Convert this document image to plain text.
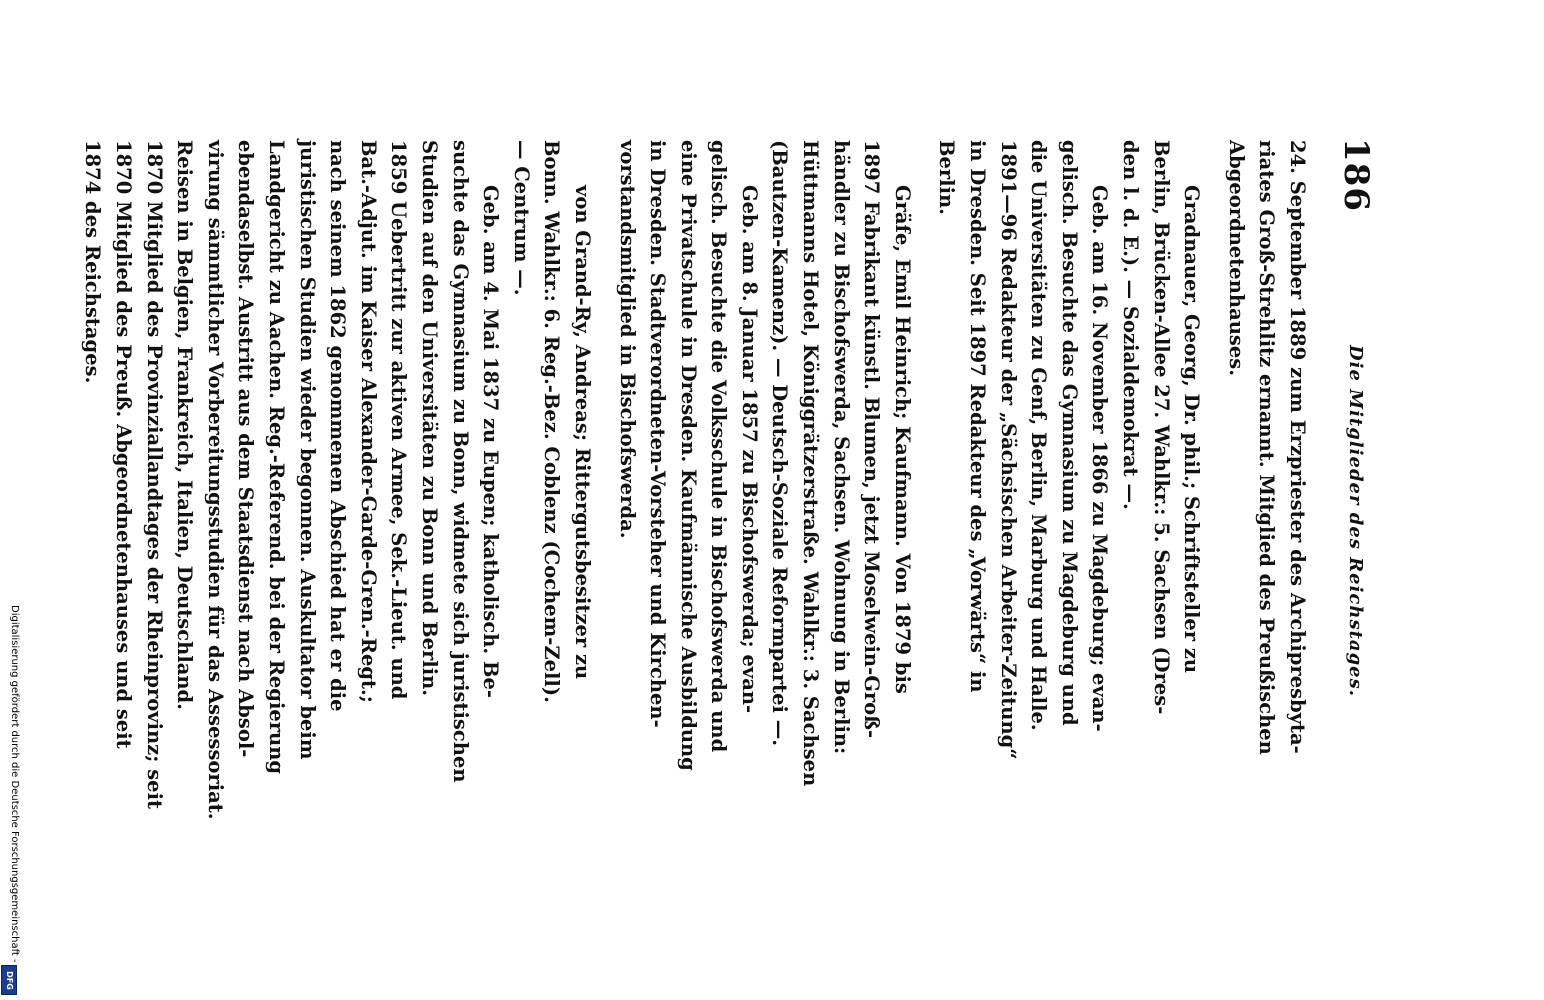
186
Die Mitglieder des Reichstages.
24. September 1889 zum Erzpriester des Archipresbyta-
riates Groß-Strehlitz ernannt. Mitglied des Preußischen
Abgeordnetenhauses.
Gradnauer, Georg, Dr. phil.; Schriftsteller zu
Berlin, Brücken-Allee 27. Wahlkr.: 5. Sachsen (Dres-
den l. d. E.). — Sozialdemokrat —.
Geb. am 16. November 1866 zu Magdeburg; evan-
gelisch. Besuchte das Gymnasium zu Magdeburg und
die Universitäten zu Genf, Berlin, Marburg und Halle.
1891—96 Redakteur der „Sächsischen Arbeiter-Zeitung“
in Dresden. Seit 1897 Redakteur des „Vorwärts“ in
Berlin.
Gräfe, Emil Heinrich; Kaufmann. Von 1879 bis
1897 Fabrikant künstl. Blumen, jetzt Moselwein-Groß-
händler zu Bischofswerda, Sachsen. Wohnung in Berlin:
Hüttmanns Hotel, Königgrätzerstraße. Wahlkr.: 3. Sachsen
(Bautzen-Kamenz). — Deutsch-Soziale Reformpartei —.
Geb. am 8. Januar 1857 zu Bischofswerda; evan-
gelisch. Besuchte die Volksschule in Bischofswerda und
eine Privatschule in Dresden. Kaufmännische Ausbildung
in Dresden. Stadtverordneten-Vorsteher und Kirchen-
vorstandsmitglied in Bischofswerda.
von Grand-Ry, Andreas; Rittergutsbesitzer zu
Bonn. Wahlkr.: 6. Reg.-Bez. Coblenz (Cochem-Zell).
— Centrum —.
Geb. am 4. Mai 1837 zu Eupen; katholisch. Be-
suchte das Gymnasium zu Bonn, widmete sich juristischen
Studien auf den Universitäten zu Bonn und Berlin.
1859 Uebertritt zur aktiven Armee, Sek.-Lieut. und
Bat.-Adjut. im Kaiser Alexander-Garde-Gren.-Regt.;
nach seinem 1862 genommenen Abschied hat er die
juristischen Studien wieder begonnen. Auskultator beim
Landgericht zu Aachen. Reg.-Referend. bei der Regierung
ebendaselbst. Austritt aus dem Staatsdienst nach Absol-
virung sämmtlicher Vorbereitungsstudien für das Assessoriat.
Reisen in Belgien, Frankreich, Italien, Deutschland.
1870 Mitglied des Provinziallandtages der Rheinprovinz; seit
1870 Mitglied des Preuß. Abgeordnetenhauses und seit
1874 des Reichstages.
Digitalisierung gefördert durch die Deutsche Forschungsgemeinschaft -
DFG
